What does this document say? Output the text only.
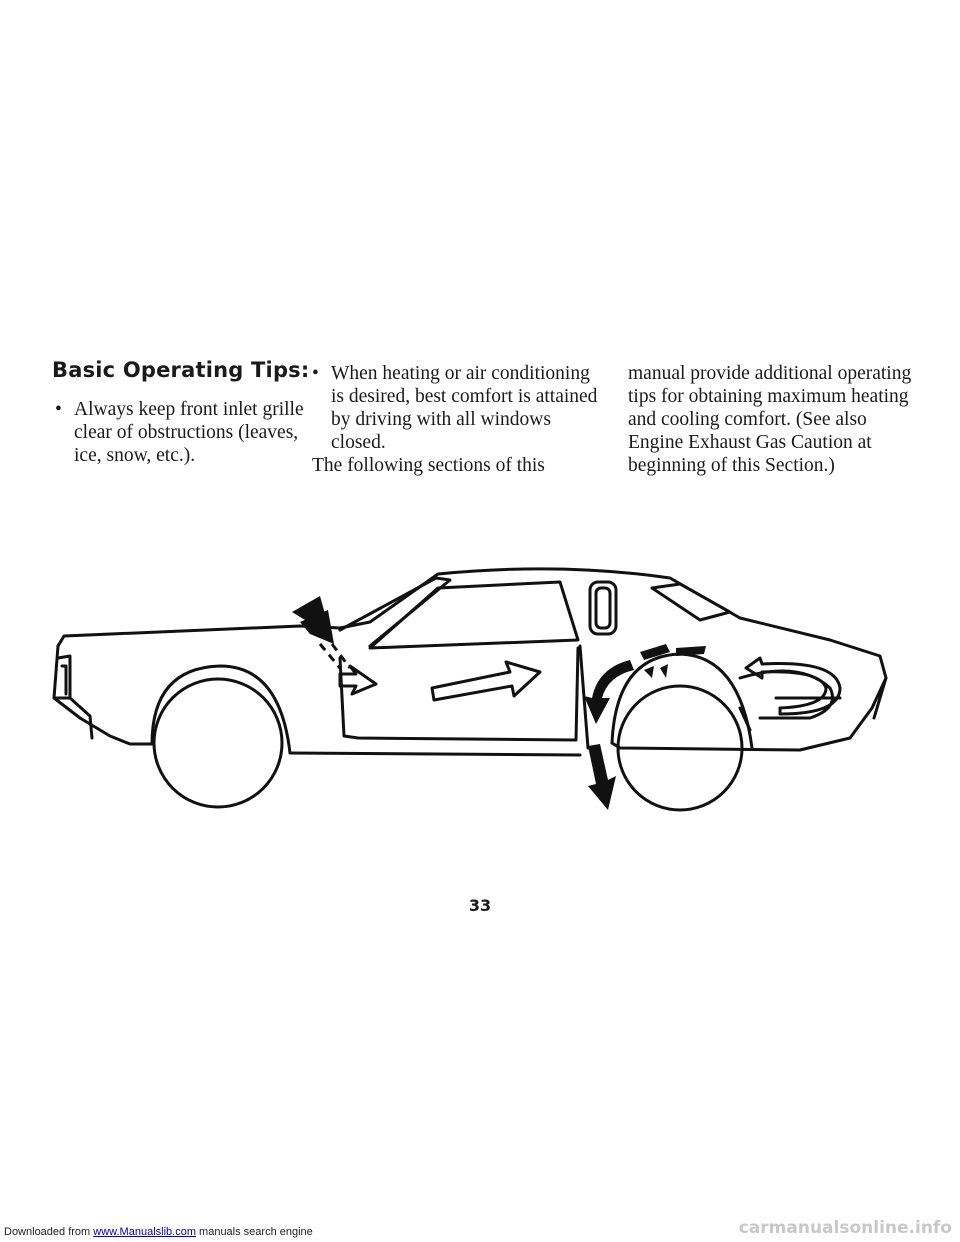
Basic Operating Tips:

• Always keep front inlet grille clear of obstructions (leaves, ice, snow, etc.).

• When heating or air conditioning is desired, best comfort is attained by driving with all windows closed.

The following sections of this

manual provide additional operating tips for obtaining maximum heating and cooling comfort. (See also Engine Exhaust Gas Caution at beginning of this Section.)

33
Downloaded from www.Manualslib.com manuals search engine	carmanualsonline.info
